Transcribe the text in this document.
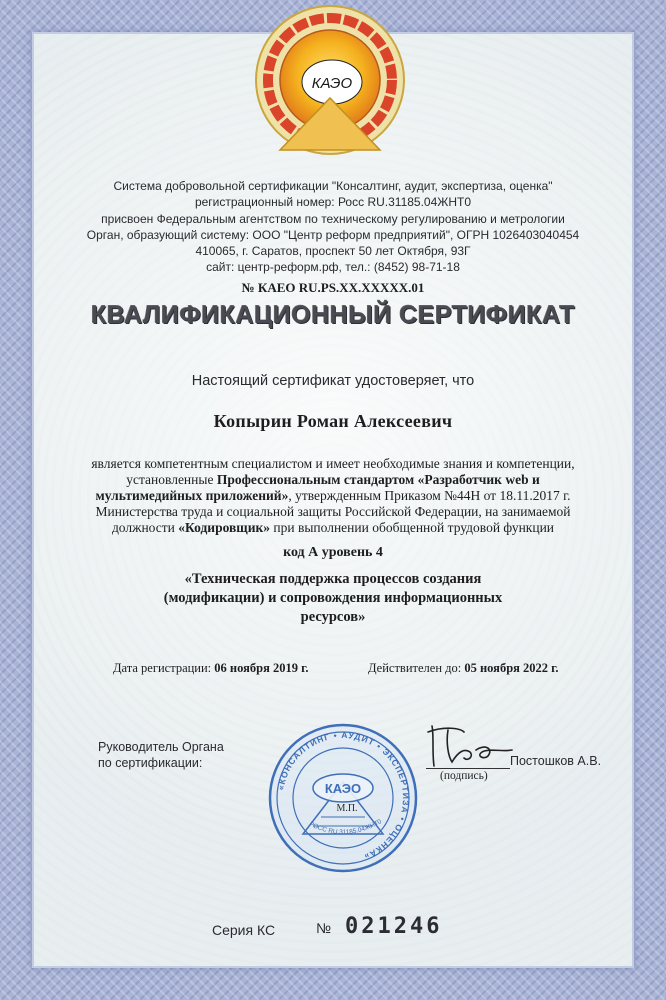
КАЭО
Система добровольной сертификации "Консалтинг, аудит, экспертиза, оценка"
регистрационный номер: Росс RU.31185.04ЖНТ0
присвоен Федеральным агентством по техническому регулированию и метрологии
Орган, образующий систему: ООО "Центр реформ предприятий", ОГРН 1026403040454
410065, г. Саратов, проспект 50 лет Октября, 93Г
сайт: центр-реформ.рф, тел.: (8452) 98-71-18
№ КАЕО RU.PS.XX.XXXXX.01
КВАЛИФИКАЦИОННЫЙ СЕРТИФИКАТ
Настоящий сертификат удостоверяет, что
Копырин Роман Алексеевич
является компетентным специалистом и имеет необходимые знания и компетенции,
установленные Профессиональным стандартом «Разработчик web и
мультимедийных приложений», утвержденным Приказом №44Н от 18.11.2017 г.
Министерства труда и социальной защиты Российской Федерации, на занимаемой
должности «Кодировщик» при выполнении обобщенной трудовой функции
код А уровень 4
«Техническая поддержка процессов создания
(модификации) и сопровождения информационных
ресурсов»
Дата регистрации: 06 ноября 2019 г.	Действителен до: 05 ноября 2022 г.
Руководитель Органа
по сертификации:
«КОНСАЛТИНГ • АУДИТ • ЭКСПЕРТИЗА • ОЦЕНКА»
КАЭО
М.П.
РОСС RU.31185.04ЖНТ0
Постошков А.В.
(подпись)
Серия КС	№ 021246
